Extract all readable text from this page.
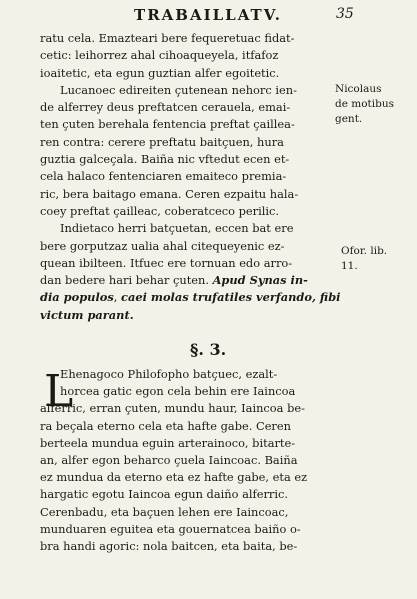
TRABAILLATV.	35
ratu cela. Emazteari bere fequeretuac fidat-
cetic: leihorrez ahal cihoaqueyela, itfafoz
ioaitetic, eta egun guztian alfer egoitetic.
Lucanoec edireiten çutenean nehorc ien-
de alferrey deus preftatcen cerauela, emai-
ten çuten berehala fentencia preftat çaillea-
ren contra: cerere preftatu baitçuen, hura
guztia galceçala. Baiña nic vftedut ecen et-
cela halaco fentenciaren emaiteco premia-
ric, bera baitago emana. Ceren ezpaitu hala-
coey preftat çailleac, coberatceco perilic.
Indietaco herri batçuetan, eccen bat ere
bere gorputzaz ualia ahal citequeyenic ez-
quean ibilteen. Itfuec ere tornuan edo arro-
dan bedere hari behar çuten. Apud Synas in-
dia populos, caei molas trufatiles verfando, fibi
victum parant.
Nicolaus
de motibus
gent.
Ofor. lib.
11.
§. 3.
L
Ehenagoco Philofopho batçuec, ezalt-
horcea gatic egon cela behin ere Iaincoa
alferric, erran çuten, mundu haur, Iaincoa be-
ra beçala eterno cela eta hafte gabe. Ceren
berteela mundua eguin arterainoco, bitarte-
an, alfer egon beharco çuela Iaincoac. Baiña
ez mundua da eterno eta ez hafte gabe, eta ez
hargatic egotu Iaincoa egun daiño alferric.
Cerenbadu, eta baçuen lehen ere Iaincoac,
munduaren eguitea eta gouernatcea baiño o-
bra handi agoric: nola baitcen, eta baita, be-
